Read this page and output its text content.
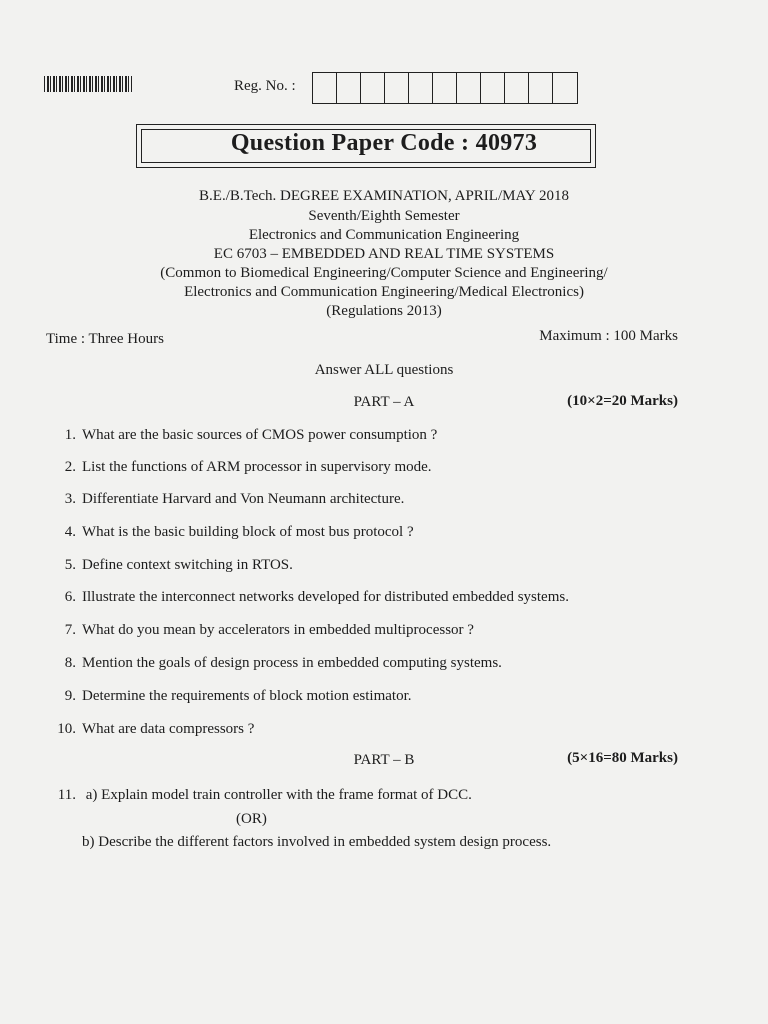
Reg. No. :
Question Paper Code : 40973
B.E./B.Tech. DEGREE EXAMINATION, APRIL/MAY 2018
Seventh/Eighth Semester
Electronics and Communication Engineering
EC 6703 – EMBEDDED AND REAL TIME SYSTEMS
(Common to Biomedical Engineering/Computer Science and Engineering/
Electronics and Communication Engineering/Medical Electronics)
(Regulations 2013)
Time : Three Hours	Maximum : 100 Marks
Answer ALL questions
PART – A	(10×2=20 Marks)
1. What are the basic sources of CMOS power consumption ?
2. List the functions of ARM processor in supervisory mode.
3. Differentiate Harvard and Von Neumann architecture.
4. What is the basic building block of most bus protocol ?
5. Define context switching in RTOS.
6. Illustrate the interconnect networks developed for distributed embedded systems.
7. What do you mean by accelerators in embedded multiprocessor ?
8. Mention the goals of design process in embedded computing systems.
9. Determine the requirements of block motion estimator.
10. What are data compressors ?
PART – B	(5×16=80 Marks)
11. a) Explain model train controller with the frame format of DCC.
(OR)
b) Describe the different factors involved in embedded system design process.
